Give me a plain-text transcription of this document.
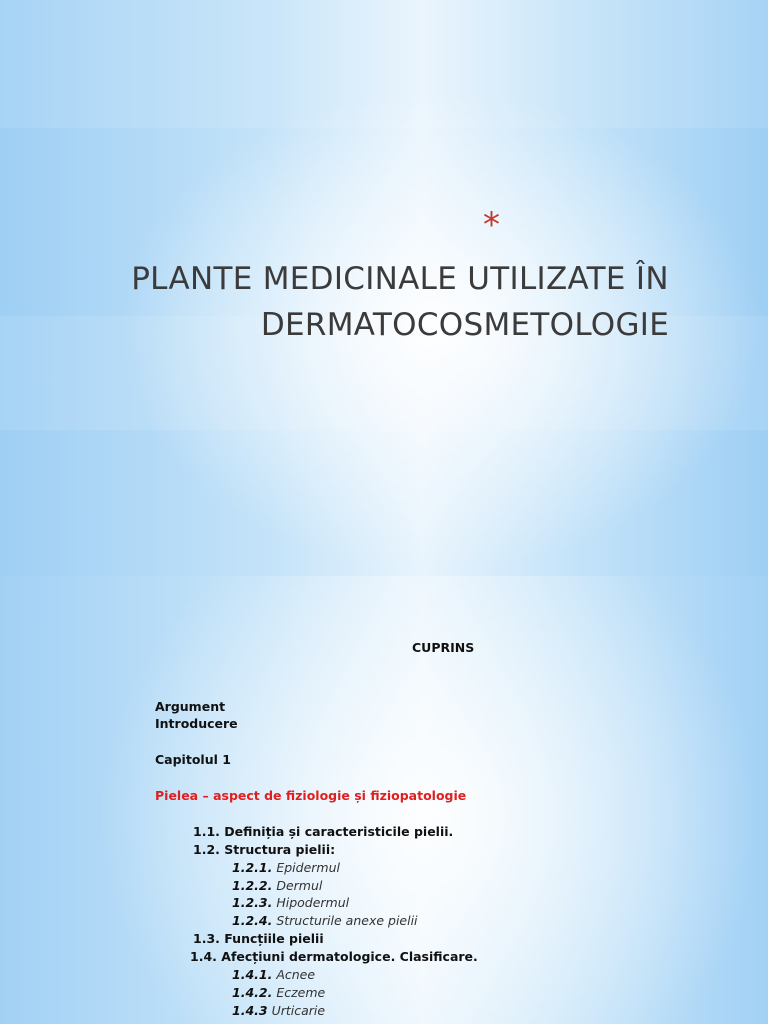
*
PLANTE MEDICINALE UTILIZATE ÎN
DERMATOCOSMETOLOGIE
CUPRINS
Argument
Introducere
Capitolul 1
Pielea – aspect de fiziologie și fiziopatologie
1.1. Definiția și caracteristicile pielii.
1.2. Structura pielii:
1.2.1. Epidermul
1.2.2. Dermul
1.2.3. Hipodermul
1.2.4. Structurile anexe pielii
1.3. Funcțiile pielii
1.4. Afecțiuni dermatologice. Clasificare.
1.4.1. Acnee
1.4.2. Eczeme
1.4.3 Urticarie
